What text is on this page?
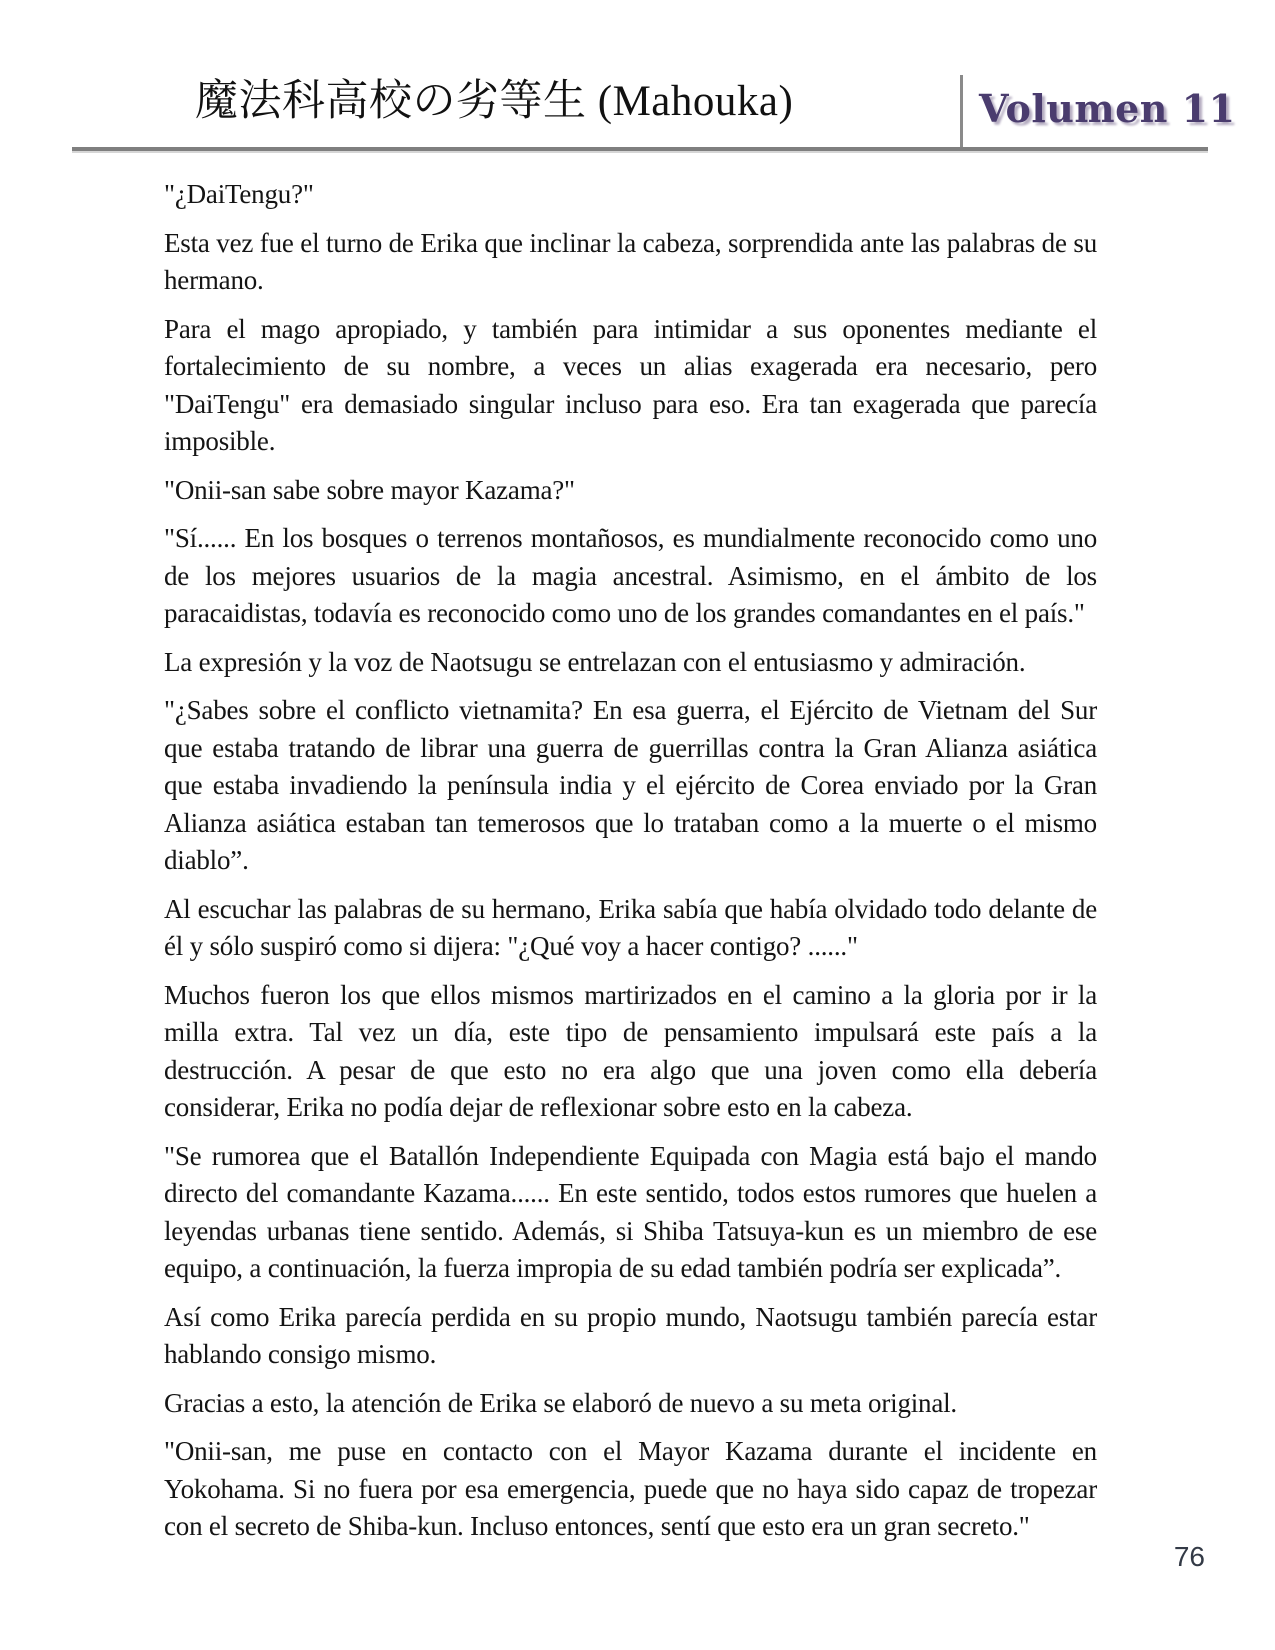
魔法科高校の劣等生 (Mahouka)	Volumen 11

"¿DaiTengu?"

Esta vez fue el turno de Erika que inclinar la cabeza, sorprendida ante las palabras de su hermano.

Para el mago apropiado, y también para intimidar a sus oponentes mediante el fortalecimiento de su nombre, a veces un alias exagerada era necesario, pero "DaiTengu" era demasiado singular incluso para eso. Era tan exagerada que parecía imposible.

"Onii-san sabe sobre mayor Kazama?"

"Sí...... En los bosques o terrenos montañosos, es mundialmente reconocido como uno de los mejores usuarios de la magia ancestral. Asimismo, en el ámbito de los paracaidistas, todavía es reconocido como uno de los grandes comandantes en el país."

La expresión y la voz de Naotsugu se entrelazan con el entusiasmo y admiración.

"¿Sabes sobre el conflicto vietnamita? En esa guerra, el Ejército de Vietnam del Sur que estaba tratando de librar una guerra de guerrillas contra la Gran Alianza asiática que estaba invadiendo la península india y el ejército de Corea enviado por la Gran Alianza asiática estaban tan temerosos que lo trataban como a la muerte o el mismo diablo”.

Al escuchar las palabras de su hermano, Erika sabía que había olvidado todo delante de él y sólo suspiró como si dijera: "¿Qué voy a hacer contigo? ......"

Muchos fueron los que ellos mismos martirizados en el camino a la gloria por ir la milla extra. Tal vez un día, este tipo de pensamiento impulsará este país a la destrucción. A pesar de que esto no era algo que una joven como ella debería considerar, Erika no podía dejar de reflexionar sobre esto en la cabeza.

"Se rumorea que el Batallón Independiente Equipada con Magia está bajo el mando directo del comandante Kazama...... En este sentido, todos estos rumores que huelen a leyendas urbanas tiene sentido. Además, si Shiba Tatsuya-kun es un miembro de ese equipo, a continuación, la fuerza impropia de su edad también podría ser explicada”.

Así como Erika parecía perdida en su propio mundo, Naotsugu también parecía estar hablando consigo mismo.

Gracias a esto, la atención de Erika se elaboró de nuevo a su meta original.

"Onii-san, me puse en contacto con el Mayor Kazama durante el incidente en Yokohama. Si no fuera por esa emergencia, puede que no haya sido capaz de tropezar con el secreto de Shiba-kun. Incluso entonces, sentí que esto era un gran secreto."

76
